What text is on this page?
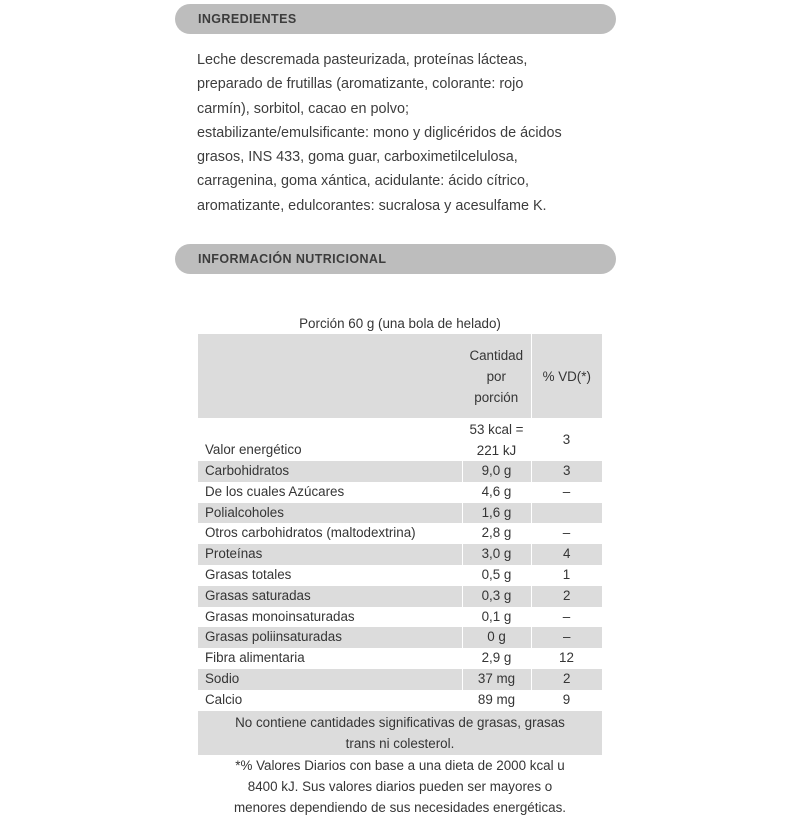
INGREDIENTES
Leche descremada pasteurizada, proteínas lácteas,
preparado de frutillas (aromatizante, colorante: rojo
carmín), sorbitol, cacao en polvo;
estabilizante/emulsificante: mono y diglicéridos de ácidos
grasos, INS 433, goma guar, carboximetilcelulosa,
carragenina, goma xántica, acidulante: ácido cítrico,
aromatizante, edulcorantes: sucralosa y acesulfame K.
INFORMACIÓN NUTRICIONAL
Porción 60 g (una bola de helado)		

	Cantidad
por
porción	% VD(*)
Valor energético	53 kcal =
221 kJ	3
Carbohidratos	9,0 g	3
De los cuales Azúcares	4,6 g	–
Polialcoholes	1,6 g	
Otros carbohidratos (maltodextrina)	2,8 g	–
Proteínas	3,0 g	4
Grasas totales	0,5 g	1
Grasas saturadas	0,3 g	2
Grasas monoinsaturadas	0,1 g	–
Grasas poliinsaturadas	0 g	–
Fibra alimentaria	2,9 g	12
Sodio	37 mg	2
Calcio	89 mg	9

No contiene cantidades significativas de grasas, grasas
trans ni colesterol.		

*% Valores Diarios con base a una dieta de 2000 kcal u
8400 kJ. Sus valores diarios pueden ser mayores o
menores dependiendo de sus necesidades energéticas.		
